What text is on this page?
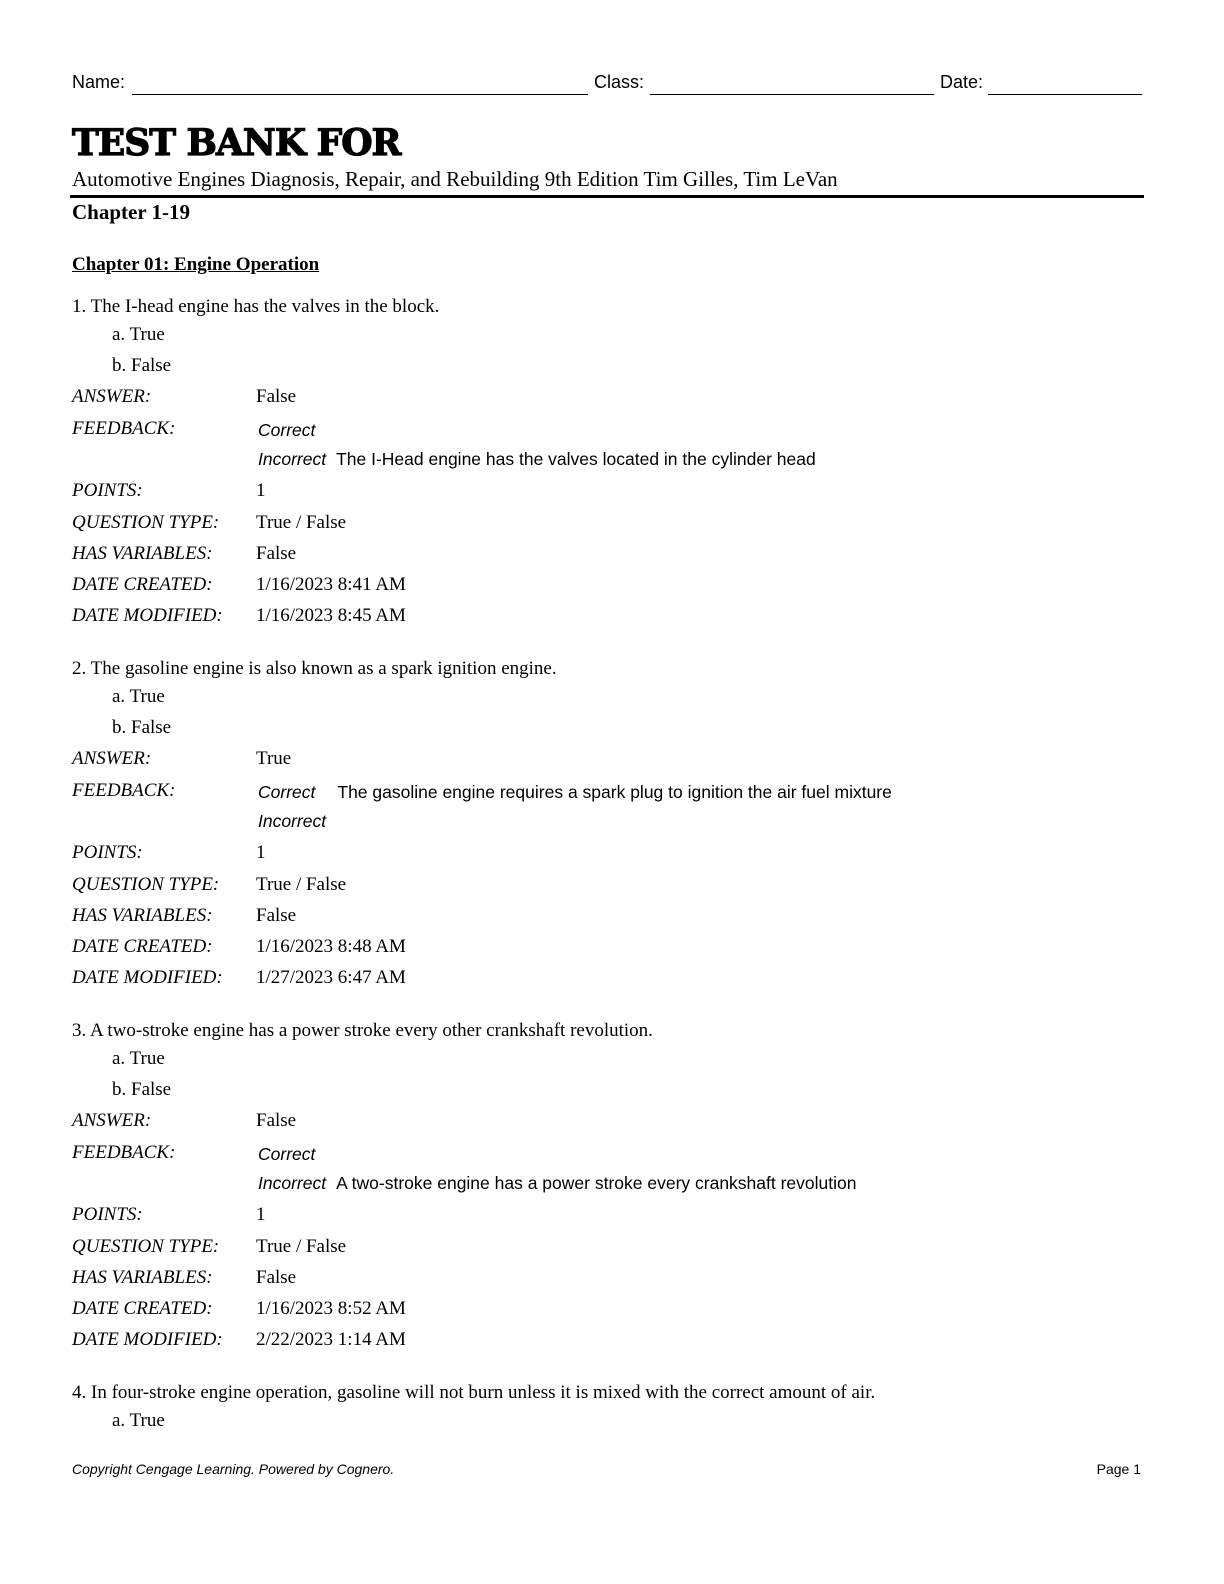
Name:	Class:	Date:
TEST BANK FOR
Automotive Engines Diagnosis, Repair, and Rebuilding 9th Edition Tim Gilles, Tim LeVan
Chapter 1-19
Chapter 01: Engine Operation
1. The I-head engine has the valves in the block.
a. True
b. False
ANSWER:	False
FEEDBACK:	Correct
Incorrect The I-Head engine has the valves located in the cylinder head
POINTS:	1
QUESTION TYPE: True / False
HAS VARIABLES: False
DATE CREATED: 1/16/2023 8:41 AM
DATE MODIFIED: 1/16/2023 8:45 AM
2. The gasoline engine is also known as a spark ignition engine.
a. True
b. False
ANSWER:	True
FEEDBACK:	Correct The gasoline engine requires a spark plug to ignition the air fuel mixture
Incorrect
POINTS:	1
QUESTION TYPE: True / False
HAS VARIABLES: False
DATE CREATED: 1/16/2023 8:48 AM
DATE MODIFIED: 1/27/2023 6:47 AM
3. A two-stroke engine has a power stroke every other crankshaft revolution.
a. True
b. False
ANSWER:	False
FEEDBACK:	Correct
Incorrect A two-stroke engine has a power stroke every crankshaft revolution
POINTS:	1
QUESTION TYPE: True / False
HAS VARIABLES: False
DATE CREATED: 1/16/2023 8:52 AM
DATE MODIFIED: 2/22/2023 1:14 AM
4. In four-stroke engine operation, gasoline will not burn unless it is mixed with the correct amount of air.
a. True
Copyright Cengage Learning. Powered by Cognero.	Page 1
